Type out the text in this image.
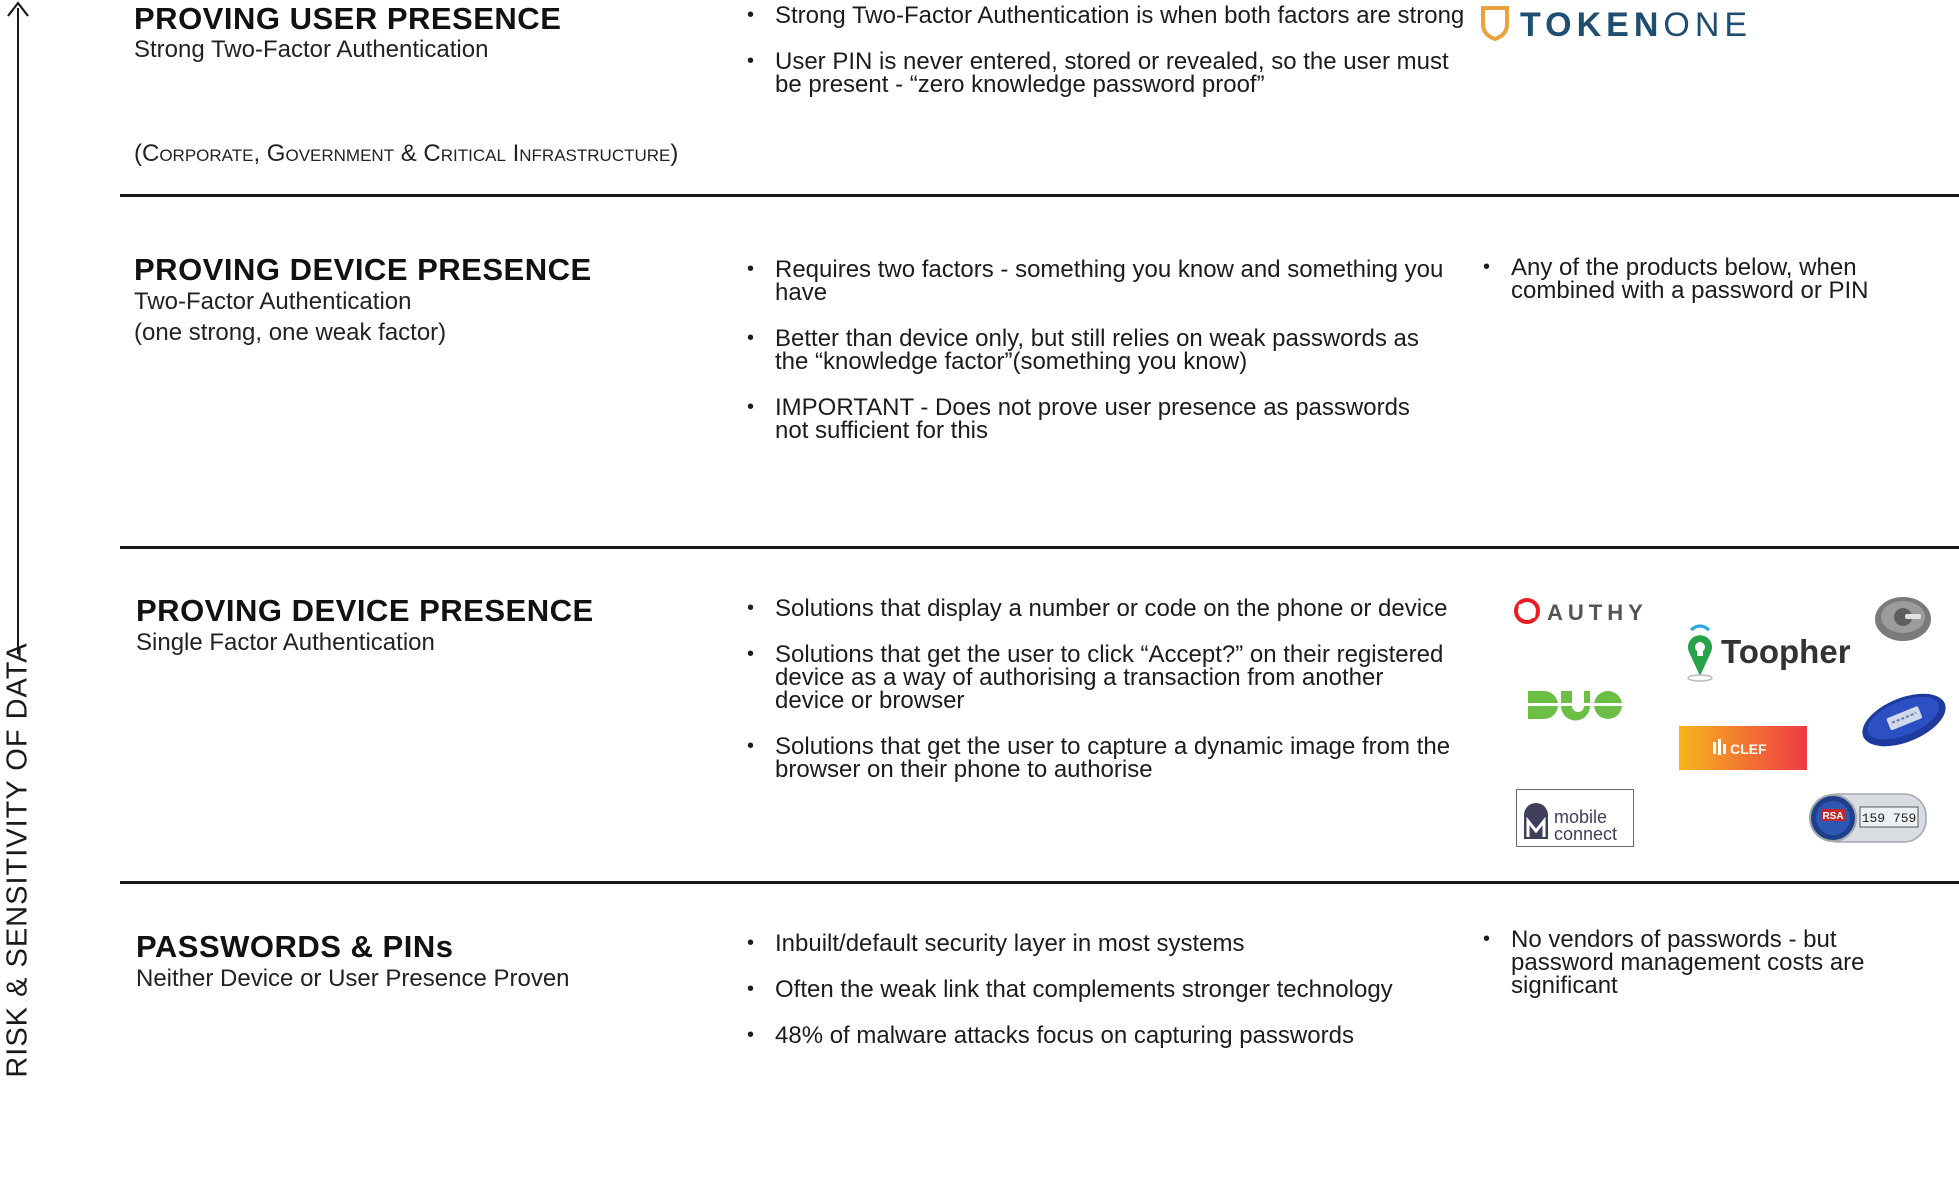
RISK & SENSITIVITY OF DATA
PROVING USER PRESENCE
Strong Two-Factor Authentication
(Corporate, Government & Critical Infrastructure)
• Strong Two-Factor Authentication is when both factors are strong
• User PIN is never entered, stored or revealed, so the user must be present - “zero knowledge password proof”
TOKENONE
PROVING DEVICE PRESENCE
Two-Factor Authentication
(one strong, one weak factor)
• Requires two factors - something you know and something you have
• Better than device only, but still relies on weak passwords as the “knowledge factor”(something you know)
• IMPORTANT - Does not prove user presence as passwords not sufficient for this
• Any of the products below, when combined with a password or PIN
PROVING DEVICE PRESENCE
Single Factor Authentication
• Solutions that display a number or code on the phone or device
• Solutions that get the user to click “Accept?” on their registered device as a way of authorising a transaction from another device or browser
• Solutions that get the user to capture a dynamic image from the browser on their phone to authorise
AUTHY
Toopher
CLEF
mobile
connect
RSA 159 759
PASSWORDS & PINs
Neither Device or User Presence Proven
• Inbuilt/default security layer in most systems
• Often the weak link that complements stronger technology
• 48% of malware attacks focus on capturing passwords
• No vendors of passwords - but password management costs are significant
